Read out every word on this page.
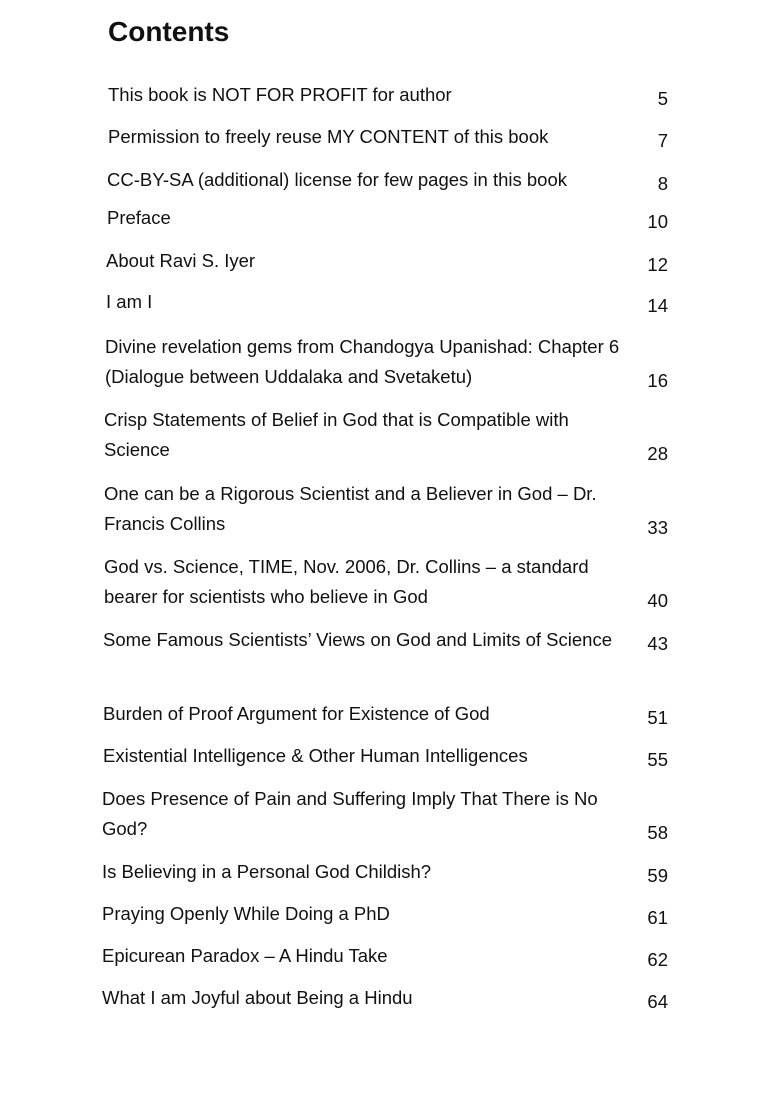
Contents
This book is NOT FOR PROFIT for author	5
Permission to freely reuse MY CONTENT of this book	7
CC-BY-SA (additional) license for few pages in this book	8
Preface	10
About Ravi S. Iyer	12
I am I	14
Divine revelation gems from Chandogya Upanishad: Chapter 6 (Dialogue between Uddalaka and Svetaketu)	16
Crisp Statements of Belief in God that is Compatible with Science	28
One can be a Rigorous Scientist and a Believer in God – Dr. Francis Collins	33
God vs. Science, TIME, Nov. 2006, Dr. Collins – a standard bearer for scientists who believe in God	40
Some Famous Scientists’ Views on God and Limits of Science	43
Burden of Proof Argument for Existence of God	51
Existential Intelligence & Other Human Intelligences	55
Does Presence of Pain and Suffering Imply That There is No God?	58
Is Believing in a Personal God Childish?	59
Praying Openly While Doing a PhD	61
Epicurean Paradox – A Hindu Take	62
What I am Joyful about Being a Hindu	64
